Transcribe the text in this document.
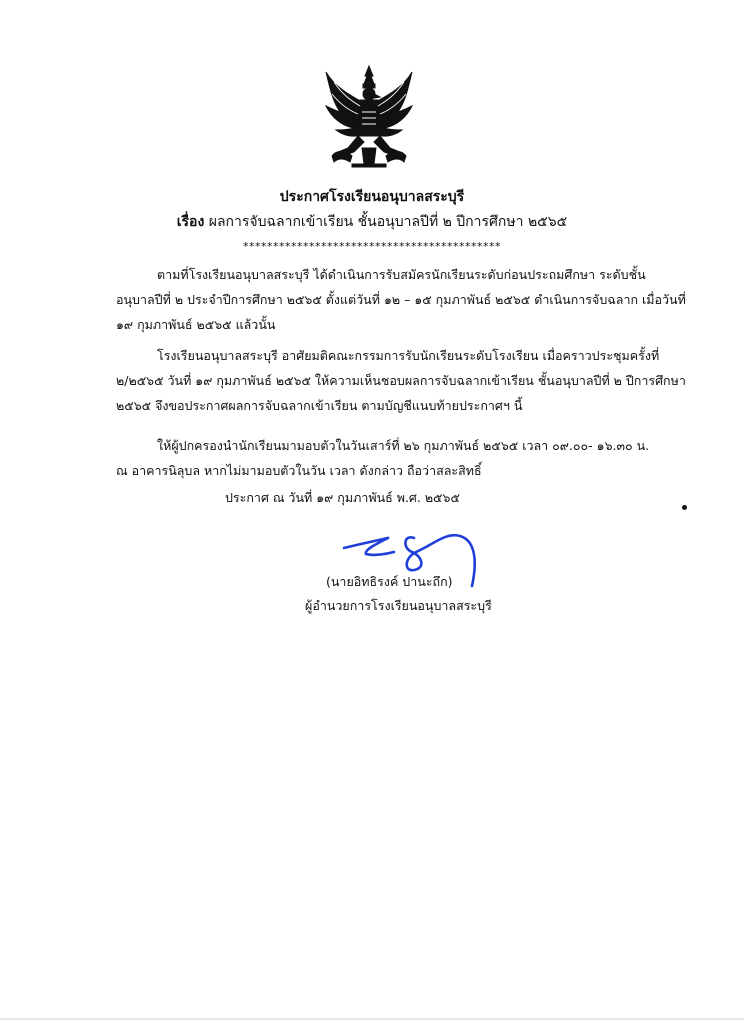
ประกาศโรงเรียนอนุบาลสระบุรี
เรื่อง ผลการจับฉลากเข้าเรียน ชั้นอนุบาลปีที่ ๒ ปีการศึกษา ๒๕๖๕
*******************************************
ตามที่โรงเรียนอนุบาลสระบุรี ได้ดำเนินการรับสมัครนักเรียนระดับก่อนประถมศึกษา ระดับชั้น
อนุบาลปีที่ ๒ ประจำปีการศึกษา ๒๕๖๕ ตั้งแต่วันที่ ๑๒ – ๑๕ กุมภาพันธ์ ๒๕๖๕ ดำเนินการจับฉลาก เมื่อวันที่
๑๙ กุมภาพันธ์ ๒๕๖๕ แล้วนั้น
โรงเรียนอนุบาลสระบุรี อาศัยมติคณะกรรมการรับนักเรียนระดับโรงเรียน เมื่อคราวประชุมครั้งที่
๒/๒๕๖๕ วันที่ ๑๙ กุมภาพันธ์ ๒๕๖๕ ให้ความเห็นชอบผลการจับฉลากเข้าเรียน ชั้นอนุบาลปีที่ ๒ ปีการศึกษา
๒๕๖๕ จึงขอประกาศผลการจับฉลากเข้าเรียน ตามบัญชีแนบท้ายประกาศฯ นี้
ให้ผู้ปกครองนำนักเรียนมามอบตัวในวันเสาร์ที่ ๒๖ กุมภาพันธ์ ๒๕๖๕ เวลา ๐๙.๐๐- ๑๖.๓๐ น.
ณ อาคารนิลุบล หากไม่มามอบตัวในวัน เวลา ดังกล่าว ถือว่าสละสิทธิ์
ประกาศ ณ วันที่ ๑๙ กุมภาพันธ์ พ.ศ. ๒๕๖๕
(นายอิทธิรงค์ ปานะถึก)
ผู้อำนวยการโรงเรียนอนุบาลสระบุรี
